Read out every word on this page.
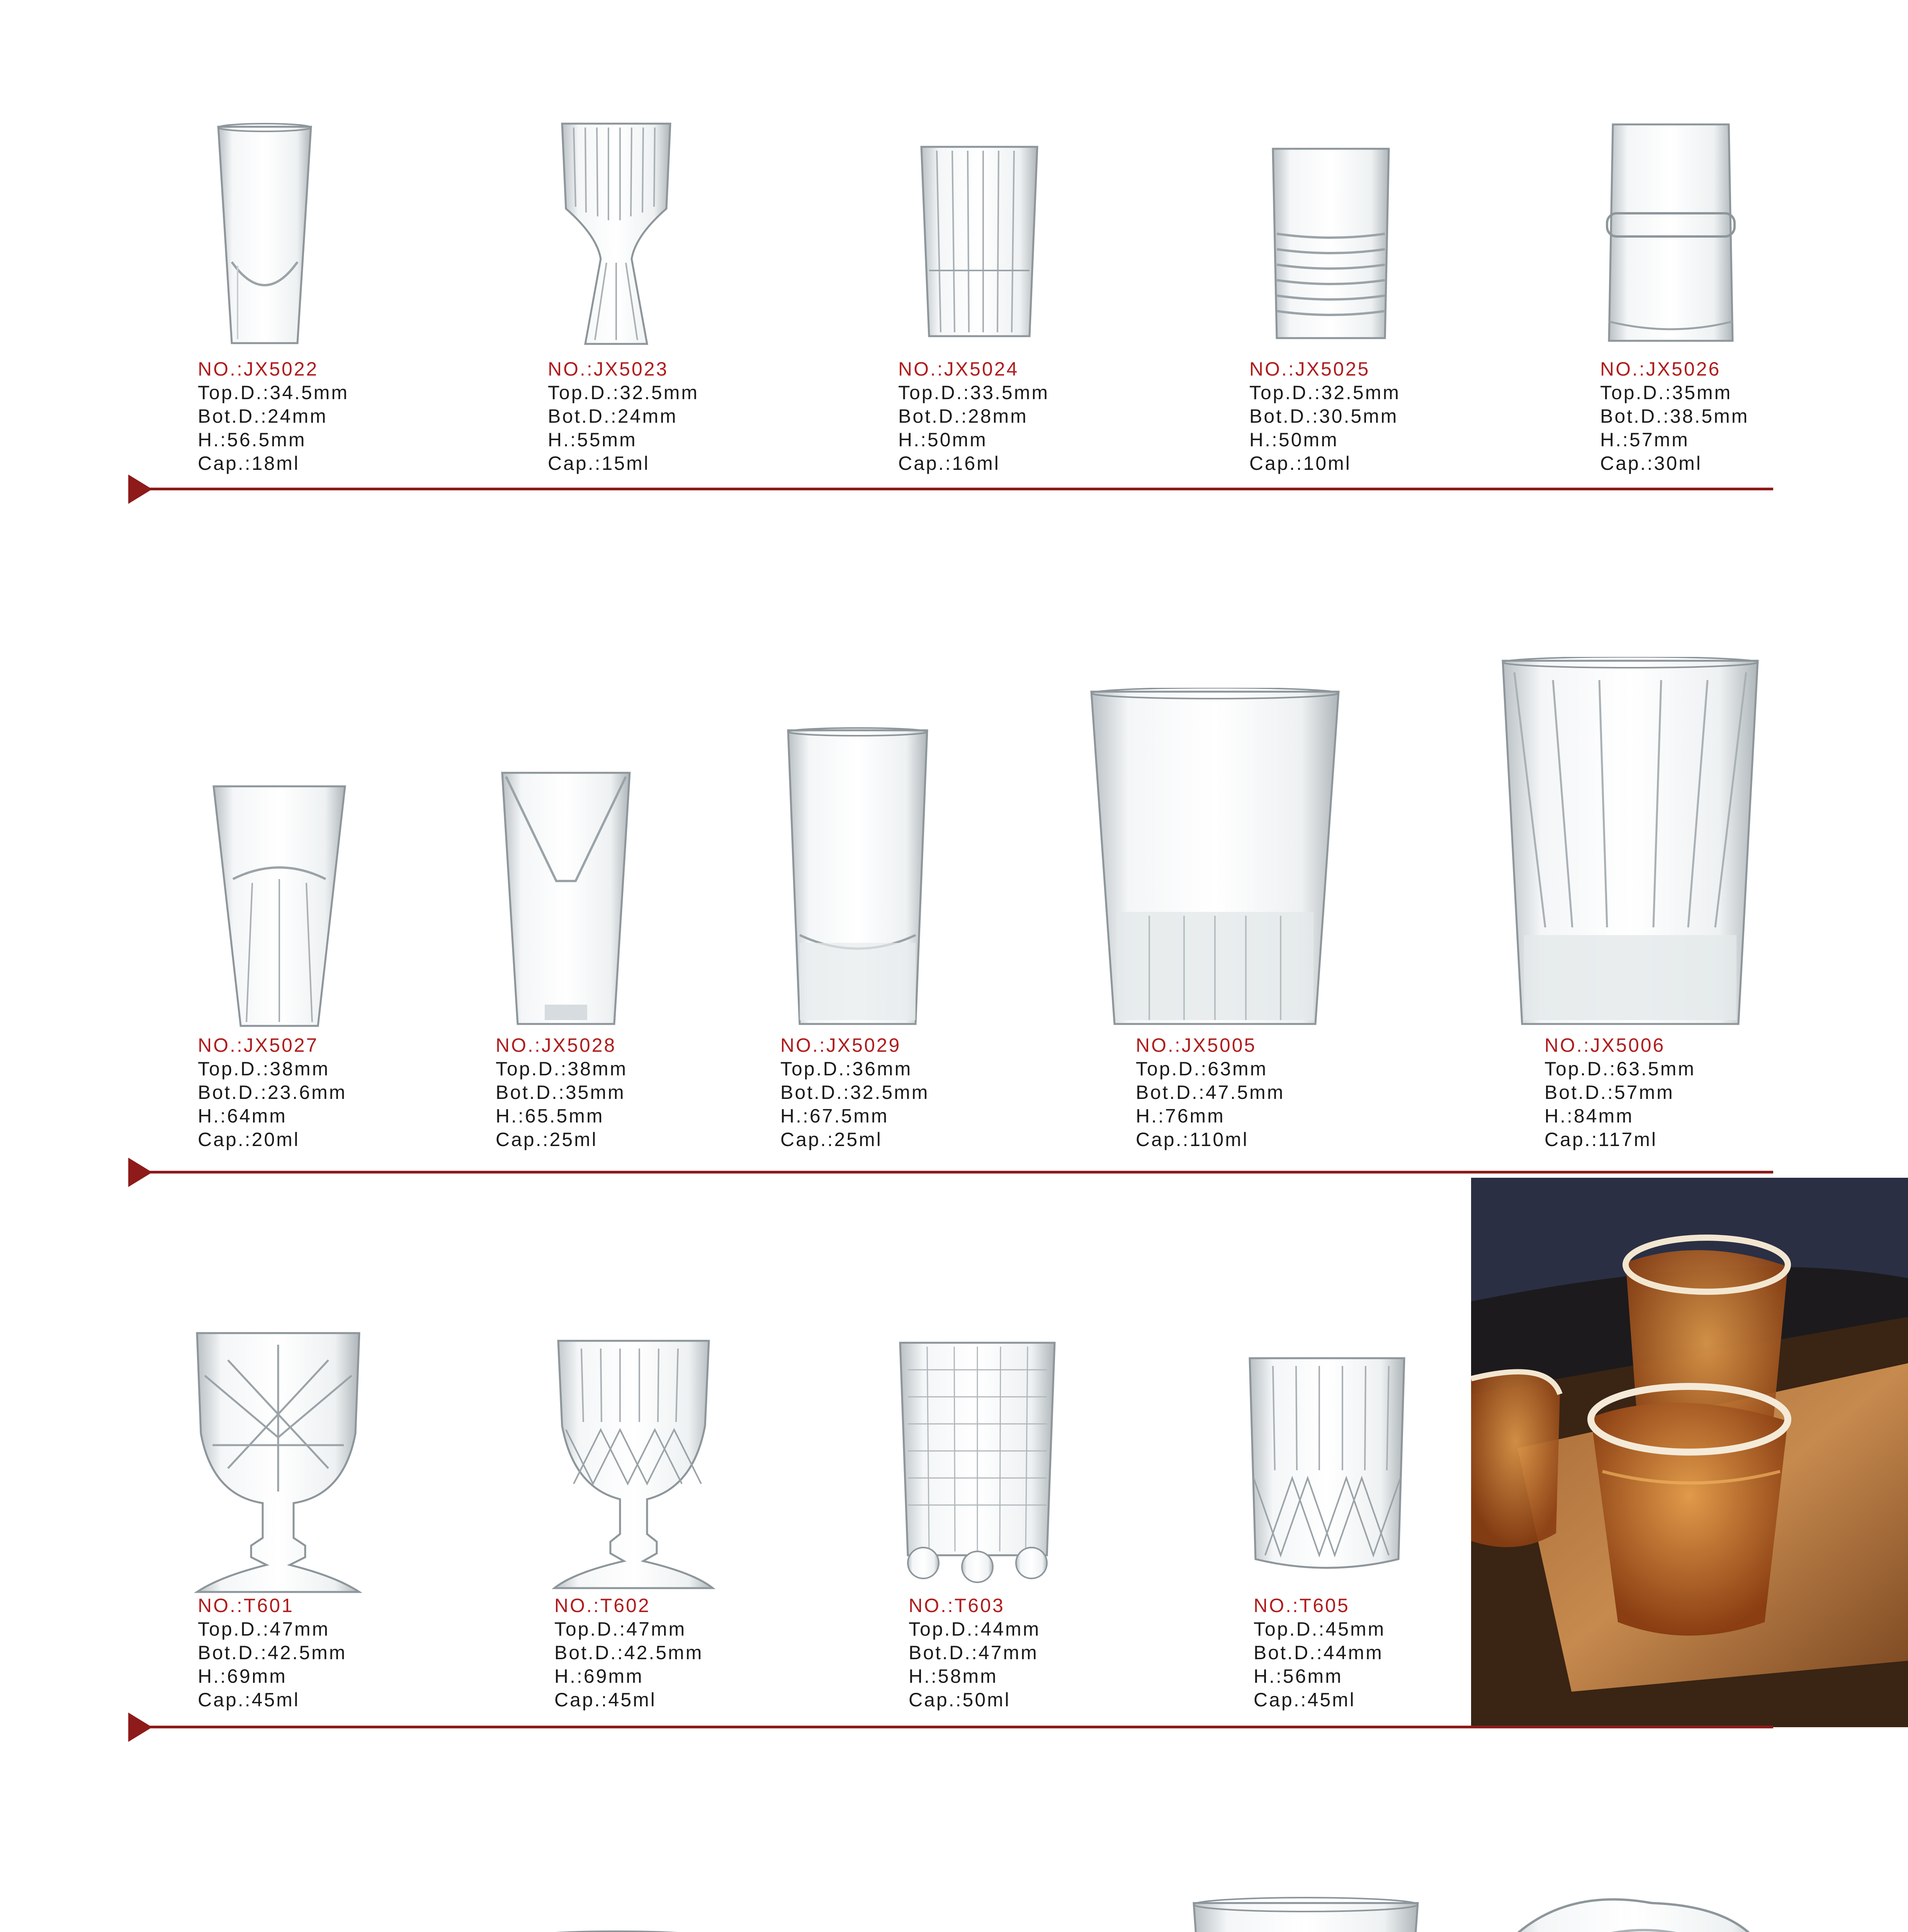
NO.:JX5022
Top.D.:34.5mm
Bot.D.:24mm
H.:56.5mm
Cap.:18ml
NO.:JX5023
Top.D.:32.5mm
Bot.D.:24mm
H.:55mm
Cap.:15ml
NO.:JX5024
Top.D.:33.5mm
Bot.D.:28mm
H.:50mm
Cap.:16ml
NO.:JX5025
Top.D.:32.5mm
Bot.D.:30.5mm
H.:50mm
Cap.:10ml
NO.:JX5026
Top.D.:35mm
Bot.D.:38.5mm
H.:57mm
Cap.:30ml
NO.:JX5027
Top.D.:38mm
Bot.D.:23.6mm
H.:64mm
Cap.:20ml
NO.:JX5028
Top.D.:38mm
Bot.D.:35mm
H.:65.5mm
Cap.:25ml
NO.:JX5029
Top.D.:36mm
Bot.D.:32.5mm
H.:67.5mm
Cap.:25ml
NO.:JX5005
Top.D.:63mm
Bot.D.:47.5mm
H.:76mm
Cap.:110ml
NO.:JX5006
Top.D.:63.5mm
Bot.D.:57mm
H.:84mm
Cap.:117ml
NO.:T601
Top.D.:47mm
Bot.D.:42.5mm
H.:69mm
Cap.:45ml
NO.:T602
Top.D.:47mm
Bot.D.:42.5mm
H.:69mm
Cap.:45ml
NO.:T603
Top.D.:44mm
Bot.D.:47mm
H.:58mm
Cap.:50ml
NO.:T605
Top.D.:45mm
Bot.D.:44mm
H.:56mm
Cap.:45ml
